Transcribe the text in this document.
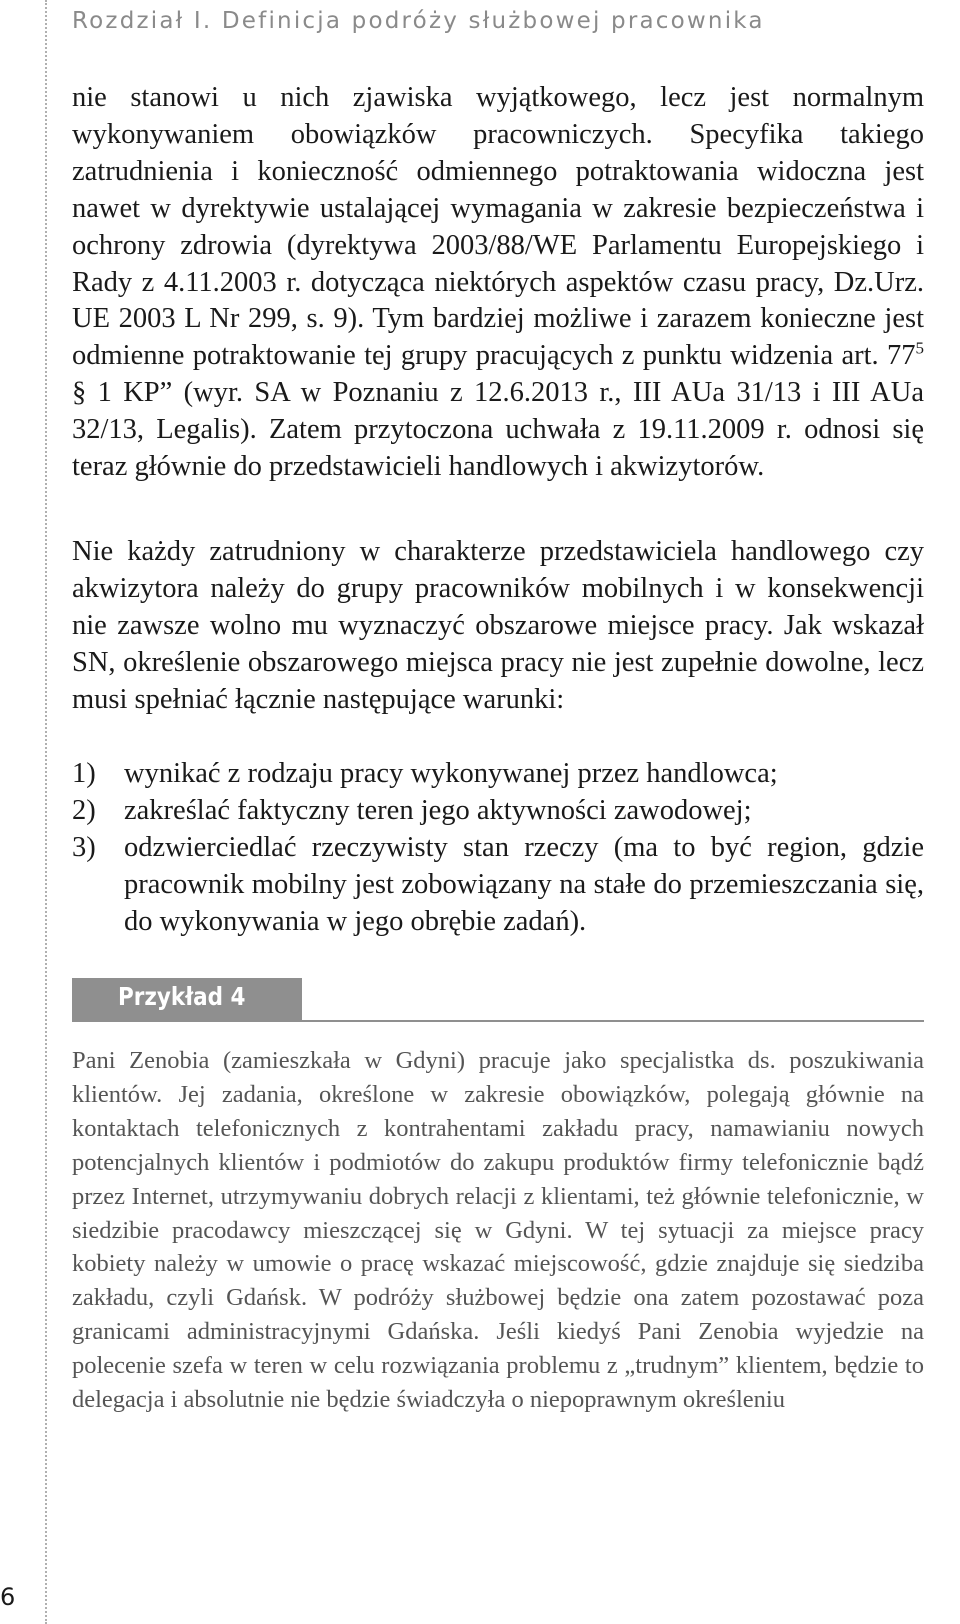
Rozdział I. Definicja podróży służbowej pracownika

nie stanowi u nich zjawiska wyjątkowego, lecz jest normalnym wykonywaniem obowiązków pracowniczych. Specyfika takiego zatrudnienia i konieczność odmiennego potraktowania widoczna jest nawet w dyrektywie ustalającej wymagania w zakresie bezpieczeństwa i ochrony zdrowia (dyrektywa 2003/88/WE Parlamentu Europejskiego i Rady z 4.11.2003 r. dotycząca niektórych aspektów czasu pracy, Dz.Urz. UE 2003 L Nr 299, s. 9). Tym bardziej możliwe i zarazem konieczne jest odmienne potraktowanie tej grupy pracujących z punktu widzenia art. $77^5$ § 1 KP” (wyr. SA w Poznaniu z 12.6.2013 r., III AUa 31/13 i III AUa 32/13, Legalis). Zatem przytoczona uchwała z 19.11.2009 r. odnosi się teraz głównie do przedstawicieli handlowych i akwizytorów.

Nie każdy zatrudniony w charakterze przedstawiciela handlowego czy akwizytora należy do grupy pracowników mobilnych i w konsekwencji nie zawsze wolno mu wyznaczyć obszarowe miejsce pracy. Jak wskazał SN, określenie obszarowego miejsca pracy nie jest zupełnie dowolne, lecz musi spełniać łącznie następujące warunki:

1) wynikać z rodzaju pracy wykonywanej przez handlowca;
2) zakreślać faktyczny teren jego aktywności zawodowej;
3) odzwierciedlać rzeczywisty stan rzeczy (ma to być region, gdzie pracownik mobilny jest zobowiązany na stałe do przemieszczania się, do wykonywania w jego obrębie zadań).
Przykład 4

Pani Zenobia (zamieszkała w Gdyni) pracuje jako specjalistka ds. poszukiwania klientów. Jej zadania, określone w zakresie obowiązków, polegają głównie na kontaktach telefonicznych z kontrahentami zakładu pracy, namawianiu nowych potencjalnych klientów i podmiotów do zakupu produktów firmy telefonicznie bądź przez Internet, utrzymywaniu dobrych relacji z klientami, też głównie telefonicznie, w siedzibie pracodawcy mieszczącej się w Gdyni. W tej sytuacji za miejsce pracy kobiety należy w umowie o pracę wskazać miejscowość, gdzie znajduje się siedziba zakładu, czyli Gdańsk. W podróży służbowej będzie ona zatem pozostawać poza granicami administracyjnymi Gdańska. Jeśli kiedyś Pani Zenobia wyjedzie na polecenie szefa w teren w celu rozwiązania problemu z „trudnym” klientem, będzie to delegacja i absolutnie nie będzie świadczyła o niepoprawnym określeniu

6
